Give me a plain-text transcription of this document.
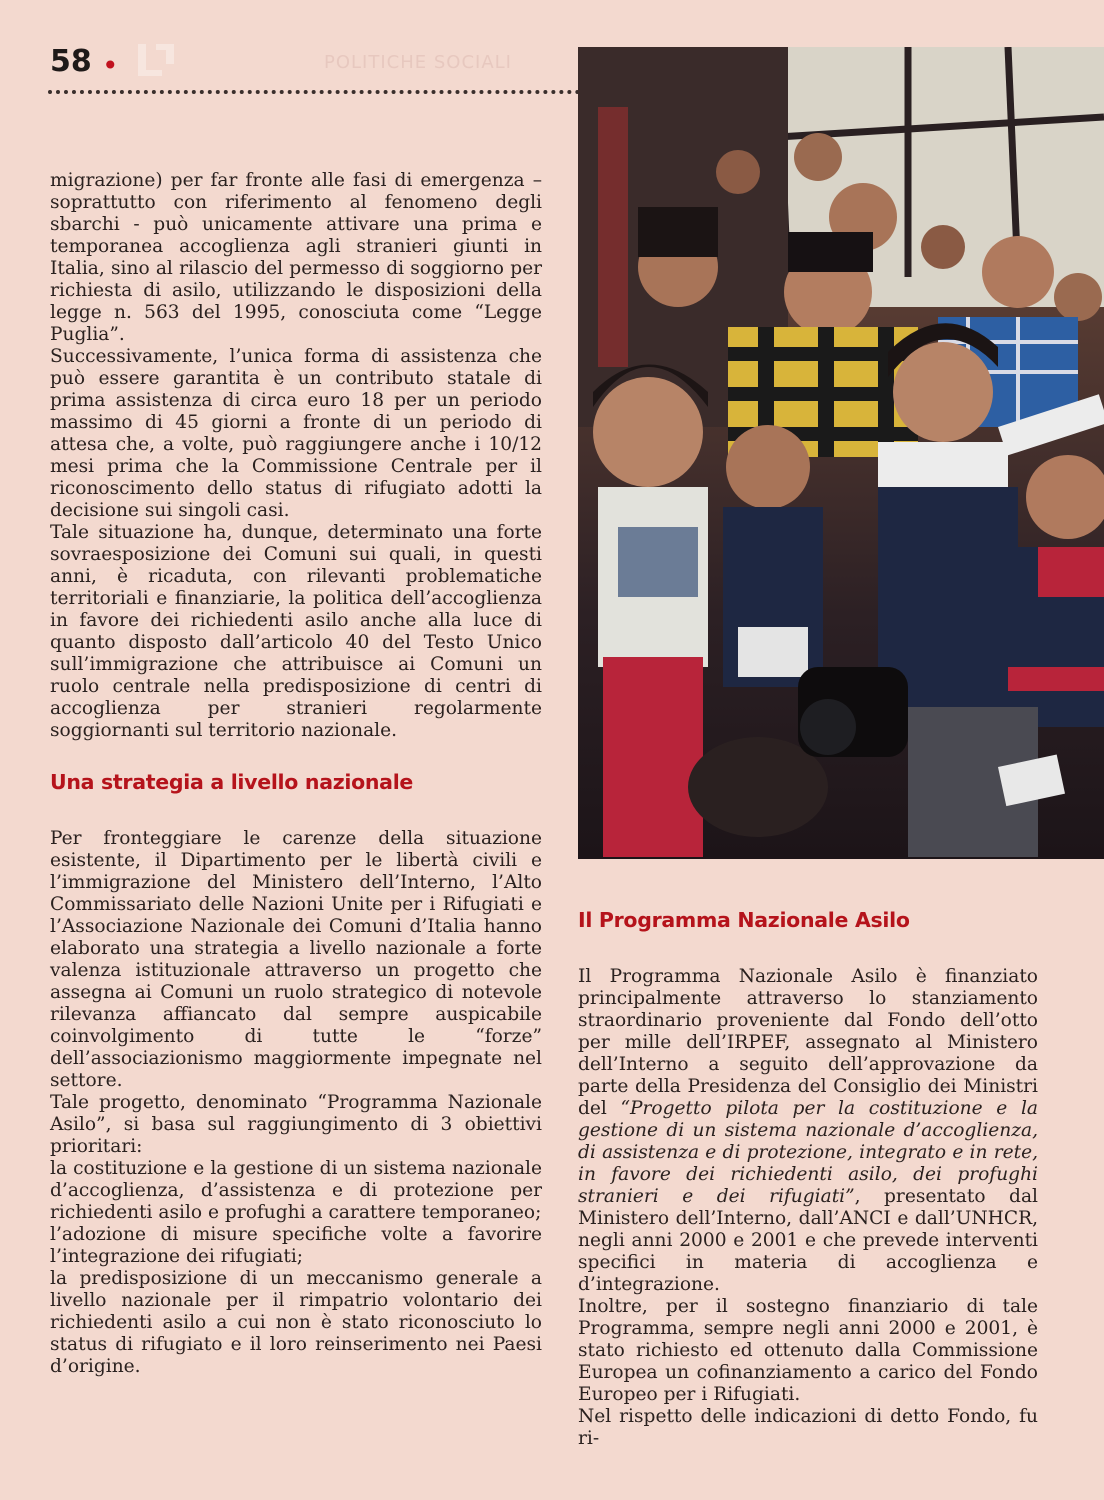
58 •	POLITICHE SOCIALI

migrazione) per far fronte alle fasi di emergenza – soprattutto con riferimento al fenomeno degli sbarchi - può unicamente attivare una prima e temporanea accoglienza agli stranieri giunti in Italia, sino al rilascio del permesso di soggiorno per richiesta di asilo, utilizzando le disposizioni della legge n. 563 del 1995, conosciuta come “Legge Puglia”.

Successivamente, l’unica forma di assistenza che può essere garantita è un contributo statale di prima assistenza di circa euro 18 per un periodo massimo di 45 giorni a fronte di un periodo di attesa che, a volte, può raggiungere anche i 10/12 mesi prima che la Commissione Centrale per il riconoscimento dello status di rifugiato adotti la decisione sui singoli casi.

Tale situazione ha, dunque, determinato una forte sovraesposizione dei Comuni sui quali, in questi anni, è ricaduta, con rilevanti problematiche territoriali e finanziarie, la politica dell’accoglienza in favore dei richiedenti asilo anche alla luce di quanto disposto dall’articolo 40 del Testo Unico sull’immigrazione che attribuisce ai Comuni un ruolo centrale nella predisposizione di centri di accoglienza per stranieri regolarmente soggiornanti sul territorio nazionale.

Una strategia a livello nazionale

Per fronteggiare le carenze della situazione esistente, il Dipartimento per le libertà civili e l’immigrazione del Ministero dell’Interno, l’Alto Commissariato delle Nazioni Unite per i Rifugiati e l’Associazione Nazionale dei Comuni d’Italia hanno elaborato una strategia a livello nazionale a forte valenza istituzionale attraverso un progetto che assegna ai Comuni un ruolo strategico di notevole rilevanza affiancato dal sempre auspicabile coinvolgimento di tutte le “forze” dell’associazionismo maggiormente impegnate nel settore.

Tale progetto, denominato “Programma Nazionale Asilo”, si basa sul raggiungimento di 3 obiettivi prioritari:

la costituzione e la gestione di un sistema nazionale d’accoglienza, d’assistenza e di protezione per richiedenti asilo e profughi a carattere temporaneo;
l’adozione di misure specifiche volte a favorire l’integrazione dei rifugiati;
la predisposizione di un meccanismo generale a livello nazionale per il rimpatrio volontario dei richiedenti asilo a cui non è stato riconosciuto lo status di rifugiato e il loro reinserimento nei Paesi d’origine.
Il Programma Nazionale Asilo

Il Programma Nazionale Asilo è finanziato principalmente attraverso lo stanziamento straordinario proveniente dal Fondo dell’otto per mille dell’IRPEF, assegnato al Ministero dell’Interno a seguito dell’approvazione da parte della Presidenza del Consiglio dei Ministri del “Progetto pilota per la costituzione e la gestione di un sistema nazionale d’accoglienza, di assistenza e di protezione, integrato e in rete, in favore dei richiedenti asilo, dei profughi stranieri e dei rifugiati”, presentato dal Ministero dell’Interno, dall’ANCI e dall’UNHCR, negli anni 2000 e 2001 e che prevede interventi specifici in materia di accoglienza e d’integrazione.

Inoltre, per il sostegno finanziario di tale Programma, sempre negli anni 2000 e 2001, è stato richiesto ed ottenuto dalla Commissione Europea un cofinanziamento a carico del Fondo Europeo per i Rifugiati.

Nel rispetto delle indicazioni di detto Fondo, fu ri-
